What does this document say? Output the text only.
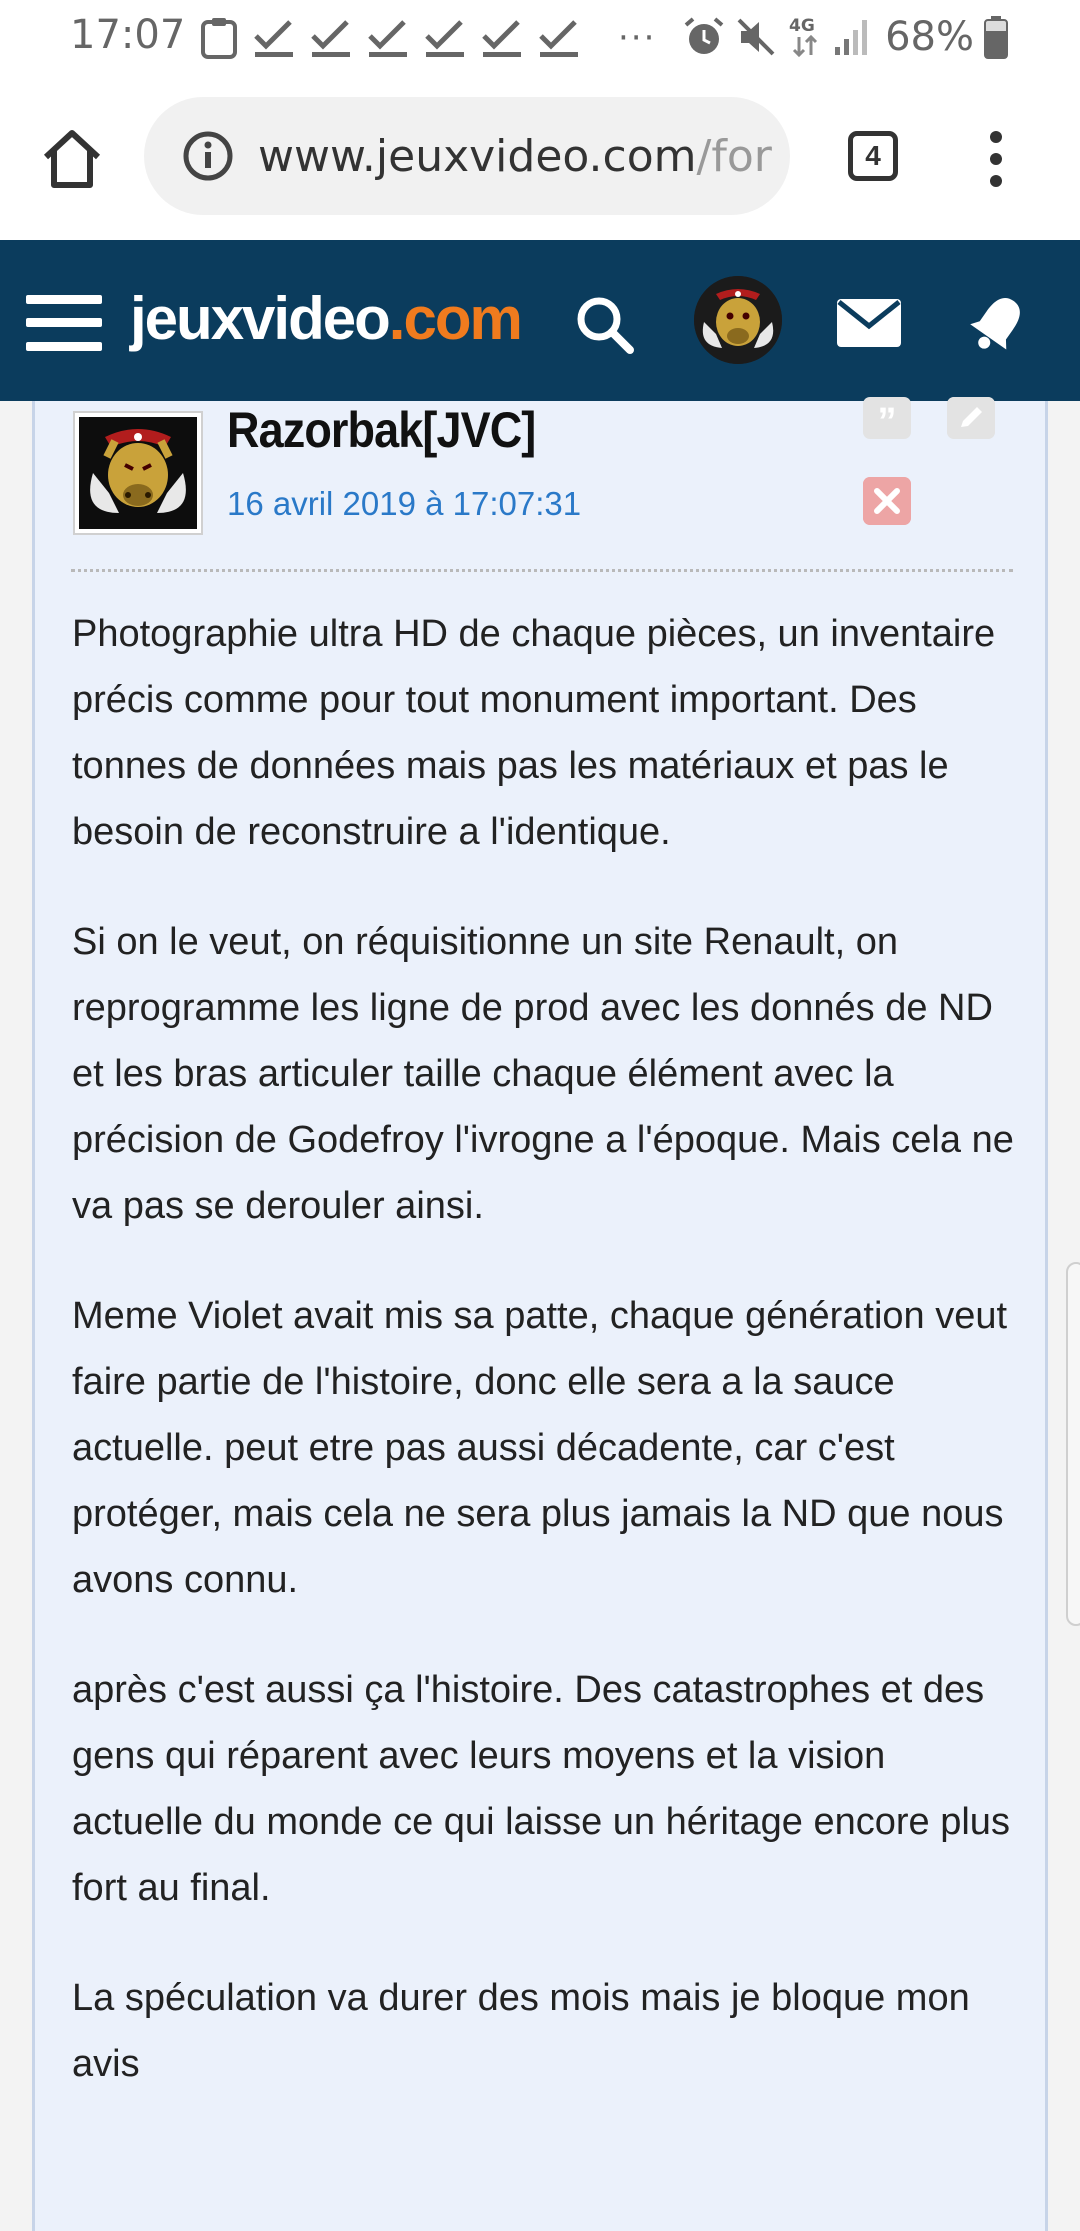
17:07	···	4G 68%
www.jeuxvideo.com/for	4
jeuxvideo.com
Razorbak[JVC]
16 avril 2019 à 17:07:31
”

Photographie ultra HD de chaque pièces, un inventaire précis comme pour tout monument important. Des tonnes de données mais pas les matériaux et pas le besoin de reconstruire a l'identique.

Si on le veut, on réquisitionne un site Renault, on reprogramme les ligne de prod avec les donnés de ND et les bras articuler taille chaque élément avec la précision de Godefroy l'ivrogne a l'époque. Mais cela ne va pas se derouler ainsi.

Meme Violet avait mis sa patte, chaque génération veut faire partie de l'histoire, donc elle sera a la sauce actuelle. peut etre pas aussi décadente, car c'est protéger, mais cela ne sera plus jamais la ND que nous avons connu.

après c'est aussi ça l'histoire. Des catastrophes et des gens qui réparent avec leurs moyens et la vision actuelle du monde ce qui laisse un héritage encore plus fort au final.

La spéculation va durer des mois mais je bloque mon avis
